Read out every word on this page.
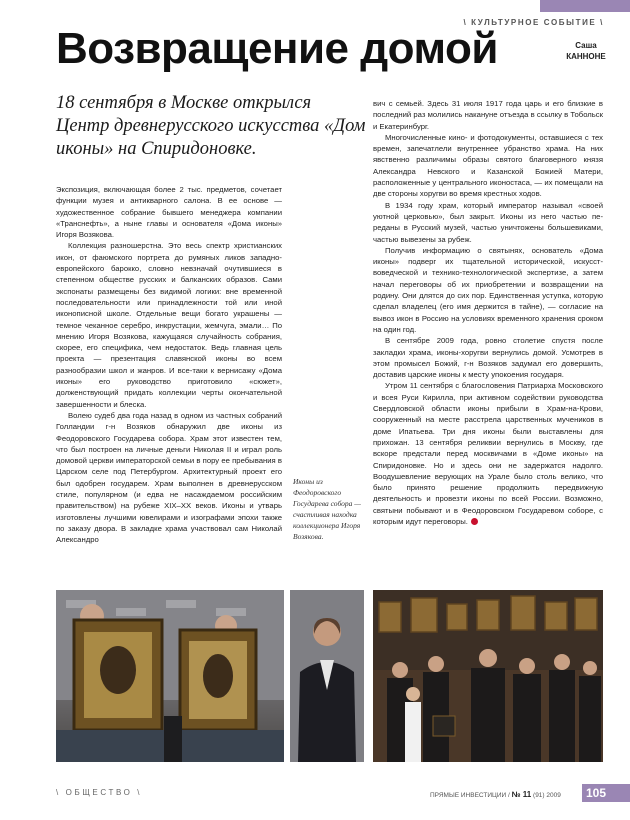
\ КУЛЬТУРНОЕ СОБЫТИЕ \
Возвращение домой	Саша
КАННОНЕ
18 сентября в Москве открылся Центр древнерусского искусства «Дом иконы» на Спиридоновке.

Экспозиция, включающая более 2 тыс. предметов, сочетает функции музея и антикварного салона. В ее основе — художественное собрание бывшего менеджера компании «Транснефть», а ныне главы и основателя «Дома иконы» Игоря Возякова.

Коллекция разношерстна. Это весь спектр христианских икон, от фаюмского портрета до румяных ликов западно-европейского барокко, словно невзначай очутившиеся в степенном обществе русских и балканских образов. Сами экспонаты размещены без видимой логики: вне временной последовательности или принадлежности той или иной иконописной школе. Отдельные вещи богато украшены — темное чеканное серебро, инкрустации, жемчуга, эмали… По мнению Игоря Возякова, кажущаяся случайность собрания, скорее, его специфика, чем недостаток. Ведь главная цель проекта — презентация славянской иконы во всем разнообразии школ и жанров. И все-таки к вернисажу «Дома иконы» его руководство приготовило «сюжет», долженствующий придать коллекции черты окончательной завершенности и блеска.

Волею судеб два года назад в одном из частных собраний Голландии г-н Возяков обнаружил две иконы из Феодоровского Государева собора. Храм этот известен тем, что был построен на личные деньги Николая II и играл роль домовой церкви императорской семьи в пору ее пребывания в Царском селе под Петербургом. Архитектурный проект его был одобрен государем. Храм выполнен в древнерусском стиле, популярном (и едва не насаждаемом российским правительством) на рубеже XIX–XX веков. Иконы и утварь изготовлены лучшими ювелирами и изографами эпохи также по заказу двора. В закладке храма участвовал сам Николай Александро

Иконы из Феодоровского Государева собора — счастливая находка коллекционера Игоря Возякова.

вич с семьей. Здесь 31 июля 1917 года царь и его близкие в последний раз молились накануне отъезда в ссылку в Тобольск и Екатеринбург.

Многочисленные кино- и фотодокументы, оставшиеся с тех времен, запечатлели внутреннее убранство храма. На них явственно различимы образы святого благоверного князя Александра Невского и Казанской Божией Матери, расположенные у центрального иконостаса, — их помещали на две стороны хоругви во время крестных ходов.

В 1934 году храм, который император называл «своей уютной церковью», был закрыт. Иконы из него частью переданы в Русский музей, частью уничтожены большевиками, частью вывезены за рубеж.

Получив информацию о святынях, основатель «Дома иконы» подверг их тщательной исторической, искусствоведческой и технико-технологической экспертизе, а затем начал переговоры об их приобретении и возвращении на родину. Они длятся до сих пор. Единственная уступка, которую сделал владелец (его имя держится в тайне), — согласие на вывоз икон в Россию на условиях временного хранения сроком на один год.

В сентябре 2009 года, ровно столетие спустя после закладки храма, иконы-хоругви вернулись домой. Усмотрев в этом промысел Божий, г-н Возяков задумал его довершить, доставив царские иконы к месту упокоения государя.

Утром 11 сентября с благословения Патриарха Московского и всея Руси Кирилла, при активном содействии руководства Свердловской области иконы прибыли в Храм-на-Крови, сооруженный на месте расстрела царственных мучеников в доме Ипатьева. Три дня иконы были выставлены для прихожан. 13 сентября реликвии вернулись в Москву, где вскоре предстали перед москвичами в «Доме иконы» на Спиридоновке. Но и здесь они не задержатся надолго. Воодушевление верующих на Урале было столь велико, что было принято решение продолжить передвижную деятельность и провезти иконы по всей России. Возможно, святыни побывают и в Феодоровском Государевом соборе, с которым идут переговоры.

\ ОБЩЕСТВО \	ПРЯМЫЕ ИНВЕСТИЦИИ / № 11 (91) 2009	105
